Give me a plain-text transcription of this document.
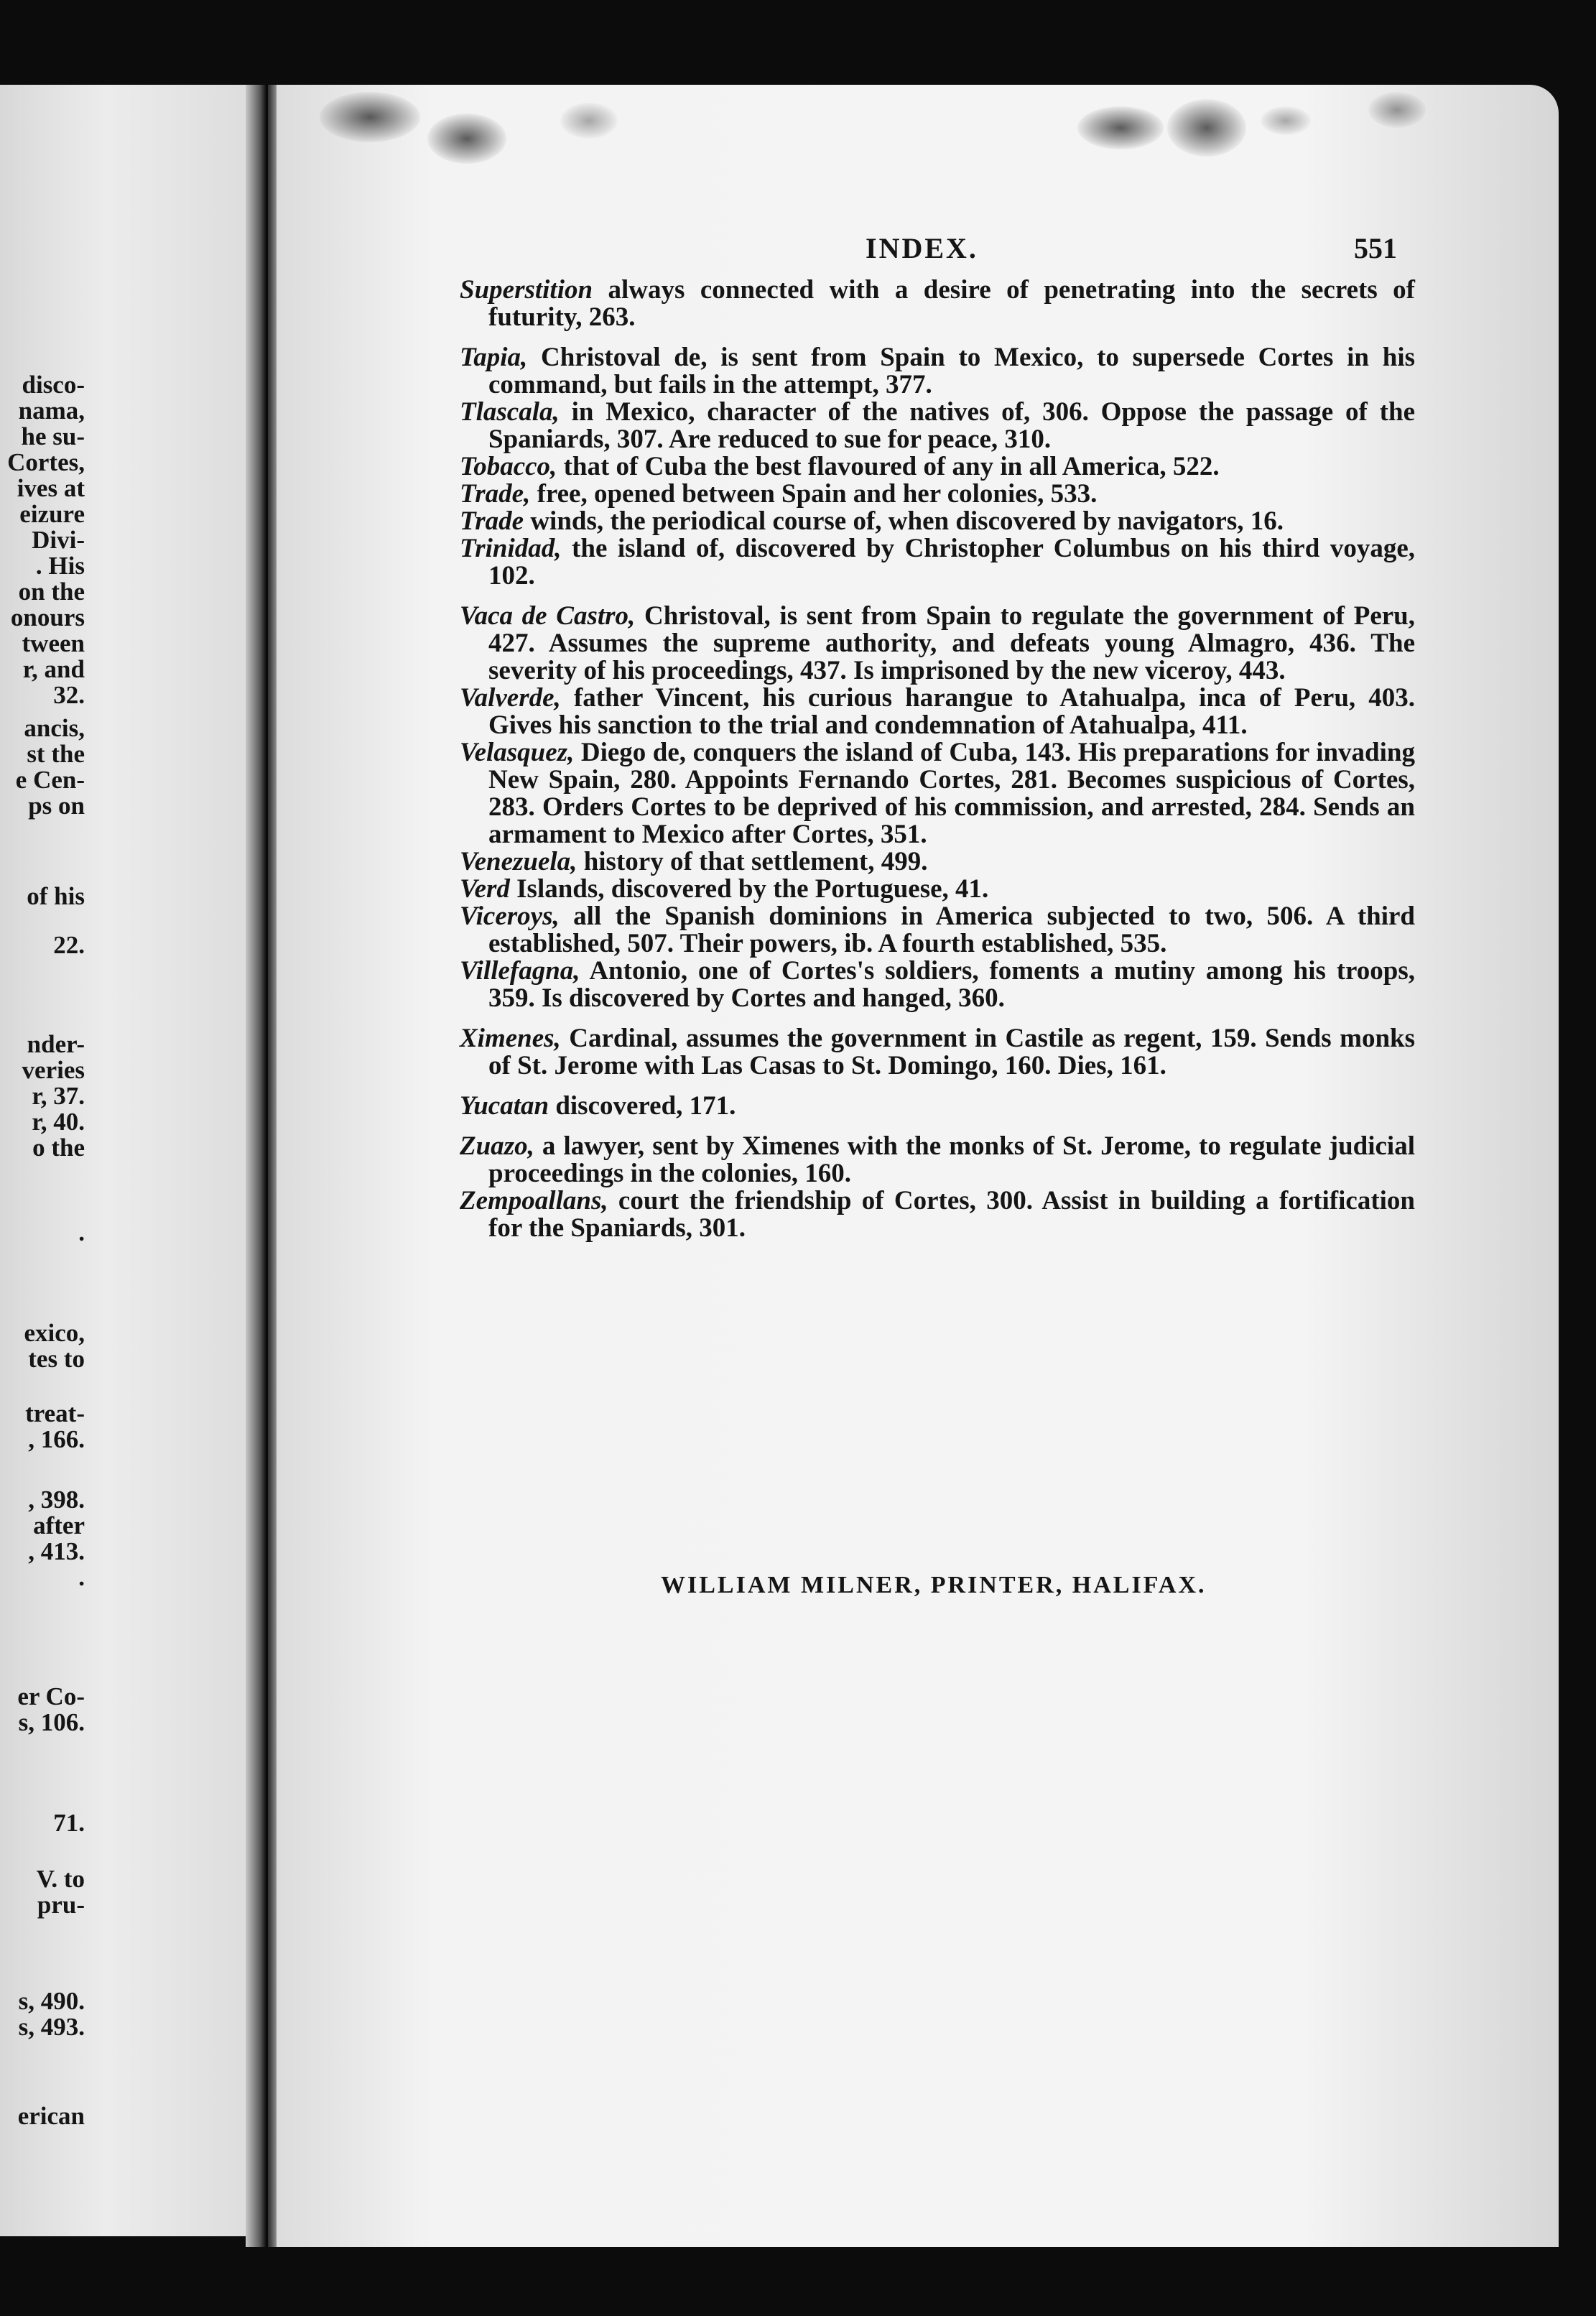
disco-
nama,
he su-
Cortes,
ives at
eizure
Divi-
. His
on the
onours
tween
r, and
32.
ancis,
st the
e Cen-
ps on
of his
22.
nder-
veries
r, 37.
r, 40.
o the
.
exico,
tes to
treat-
, 166.
, 398.
after
, 413.
.
er Co-
s, 106.
71.
V. to
pru-
s, 490.
s, 493.
erican
INDEX.	551

Superstition always connected with a desire of penetrating into the secrets of futurity, 263.

Tapia, Christoval de, is sent from Spain to Mexico, to supersede Cortes in his command, but fails in the attempt, 377.

Tlascala, in Mexico, character of the natives of, 306. Oppose the passage of the Spaniards, 307. Are reduced to sue for peace, 310.

Tobacco, that of Cuba the best flavoured of any in all America, 522.

Trade, free, opened between Spain and her colonies, 533.

Trade winds, the periodical course of, when discovered by navigators, 16.

Trinidad, the island of, discovered by Christopher Columbus on his third voyage, 102.

Vaca de Castro, Christoval, is sent from Spain to regulate the government of Peru, 427. Assumes the supreme authority, and defeats young Almagro, 436. The severity of his proceedings, 437. Is imprisoned by the new viceroy, 443.

Valverde, father Vincent, his curious harangue to Atahualpa, inca of Peru, 403. Gives his sanction to the trial and condemnation of Atahualpa, 411.

Velasquez, Diego de, conquers the island of Cuba, 143. His preparations for invading New Spain, 280. Appoints Fernando Cortes, 281. Becomes suspicious of Cortes, 283. Orders Cortes to be deprived of his commission, and arrested, 284. Sends an armament to Mexico after Cortes, 351.

Venezuela, history of that settlement, 499.

Verd Islands, discovered by the Portuguese, 41.

Viceroys, all the Spanish dominions in America subjected to two, 506. A third established, 507. Their powers, ib. A fourth established, 535.

Villefagna, Antonio, one of Cortes's soldiers, foments a mutiny among his troops, 359. Is discovered by Cortes and hanged, 360.

Ximenes, Cardinal, assumes the government in Castile as regent, 159. Sends monks of St. Jerome with Las Casas to St. Domingo, 160. Dies, 161.

Yucatan discovered, 171.

Zuazo, a lawyer, sent by Ximenes with the monks of St. Jerome, to regulate judicial proceedings in the colonies, 160.

Zempoallans, court the friendship of Cortes, 300. Assist in building a fortification for the Spaniards, 301.

WILLIAM MILNER, PRINTER, HALIFAX.
